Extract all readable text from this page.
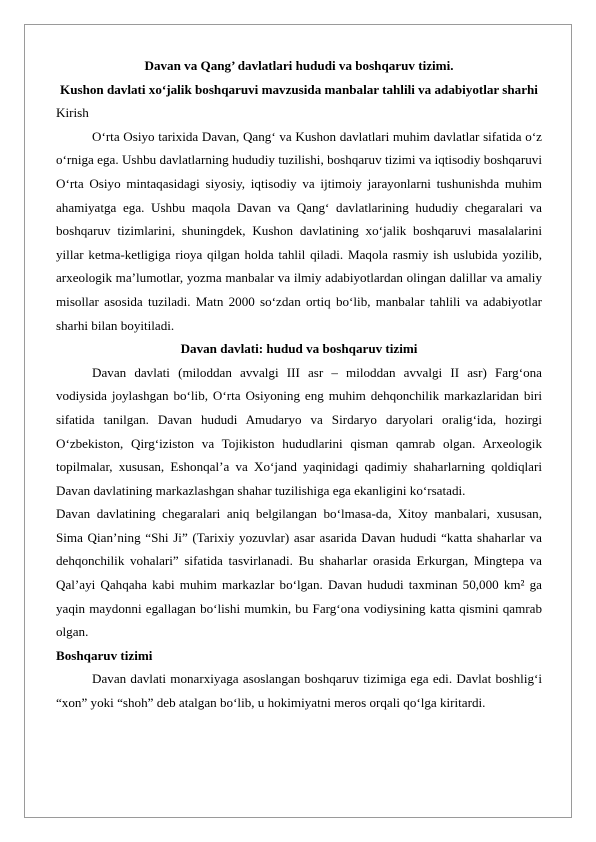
Davan va Qang’ davlatlari hududi va boshqaruv tizimi.

Kushon davlati xo‘jalik boshqaruvi mavzusida manbalar tahlili va adabiyotlar sharhi

Kirish

O‘rta Osiyo tarixida Davan, Qang‘ va Kushon davlatlari muhim davlatlar sifatida o‘z o‘rniga ega. Ushbu davlatlarning hududiy tuzilishi, boshqaruv tizimi va iqtisodiy boshqaruvi O‘rta Osiyo mintaqasidagi siyosiy, iqtisodiy va ijtimoiy jarayonlarni tushunishda muhim ahamiyatga ega. Ushbu maqola Davan va Qang‘ davlatlarining hududiy chegaralari va boshqaruv tizimlarini, shuningdek, Kushon davlatining xo‘jalik boshqaruvi masalalarini yillar ketma-ketligiga rioya qilgan holda tahlil qiladi. Maqola rasmiy ish uslubida yozilib, arxeologik ma’lumotlar, yozma manbalar va ilmiy adabiyotlardan olingan dalillar va amaliy misollar asosida tuziladi. Matn 2000 so‘zdan ortiq bo‘lib, manbalar tahlili va adabiyotlar sharhi bilan boyitiladi.

Davan davlati: hudud va boshqaruv tizimi

Davan davlati (miloddan avvalgi III asr – miloddan avvalgi II asr) Farg‘ona vodiysida joylashgan bo‘lib, O‘rta Osiyoning eng muhim dehqonchilik markazlaridan biri sifatida tanilgan. Davan hududi Amudaryo va Sirdaryo daryolari oralig‘ida, hozirgi O‘zbekiston, Qirg‘iziston va Tojikiston hududlarini qisman qamrab olgan. Arxeologik topilmalar, xususan, Eshonqal’a va Xo‘jand yaqinidagi qadimiy shaharlarning qoldiqlari Davan davlatining markazlashgan shahar tuzilishiga ega ekanligini ko‘rsatadi.

Davan davlatining chegaralari aniq belgilangan bo‘lmasa-da, Xitoy manbalari, xususan, Sima Qian’ning “Shi Ji” (Tarixiy yozuvlar) asar asarida Davan hududi “katta shaharlar va dehqonchilik vohalari” sifatida tasvirlanadi. Bu shaharlar orasida Erkurgan, Mingtepa va Qal’ayi Qahqaha kabi muhim markazlar bo‘lgan. Davan hududi taxminan 50,000 km² ga yaqin maydonni egallagan bo‘lishi mumkin, bu Farg‘ona vodiysining katta qismini qamrab olgan.

Boshqaruv tizimi

Davan davlati monarxiyaga asoslangan boshqaruv tizimiga ega edi. Davlat boshlig‘i “xon” yoki “shoh” deb atalgan bo‘lib, u hokimiyatni meros orqali qo‘lga kiritardi.
